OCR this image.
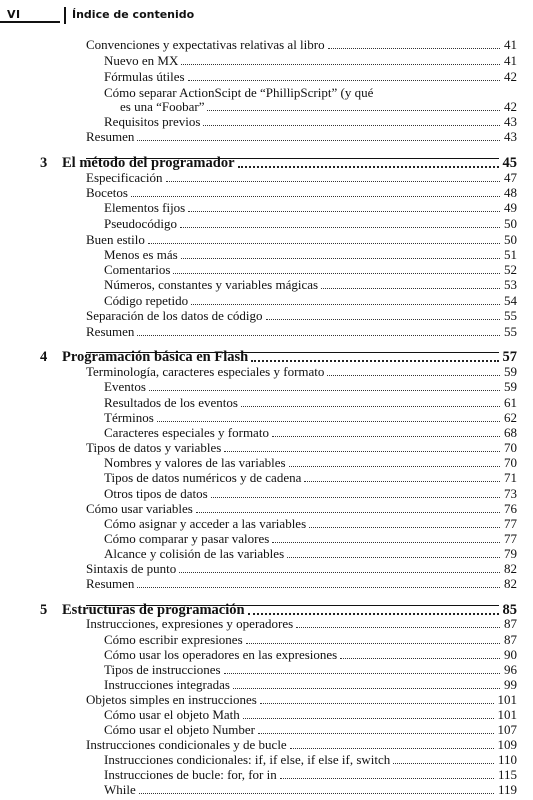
VI	Índice de contenido
Convenciones y expectativas relativas al libro	41
Nuevo en MX	41
Fórmulas útiles	42
Cómo separar ActionScipt de “PhillipScript” (y qué
es una “Foobar”	42
Requisitos previos	43
Resumen	43
3 El método del programador	45
Especificación	47
Bocetos	48
Elementos fijos	49
Pseudocódigo	50
Buen estilo	50
Menos es más	51
Comentarios	52
Números, constantes y variables mágicas	53
Código repetido	54
Separación de los datos de código	55
Resumen	55
4 Programación básica en Flash	57
Terminología, caracteres especiales y formato	59
Eventos	59
Resultados de los eventos	61
Términos	62
Caracteres especiales y formato	68
Tipos de datos y variables	70
Nombres y valores de las variables	70
Tipos de datos numéricos y de cadena	71
Otros tipos de datos	73
Cómo usar variables	76
Cómo asignar y acceder a las variables	77
Cómo comparar y pasar valores	77
Alcance y colisión de las variables	79
Sintaxis de punto	82
Resumen	82
5 Estructuras de programación	85
Instrucciones, expresiones y operadores	87
Cómo escribir expresiones	87
Cómo usar los operadores en las expresiones	90
Tipos de instrucciones	96
Instrucciones integradas	99
Objetos simples en instrucciones	101
Cómo usar el objeto Math	101
Cómo usar el objeto Number	107
Instrucciones condicionales y de bucle	109
Instrucciones condicionales: if, if else, if else if, switch	110
Instrucciones de bucle: for, for in	115
While	119
